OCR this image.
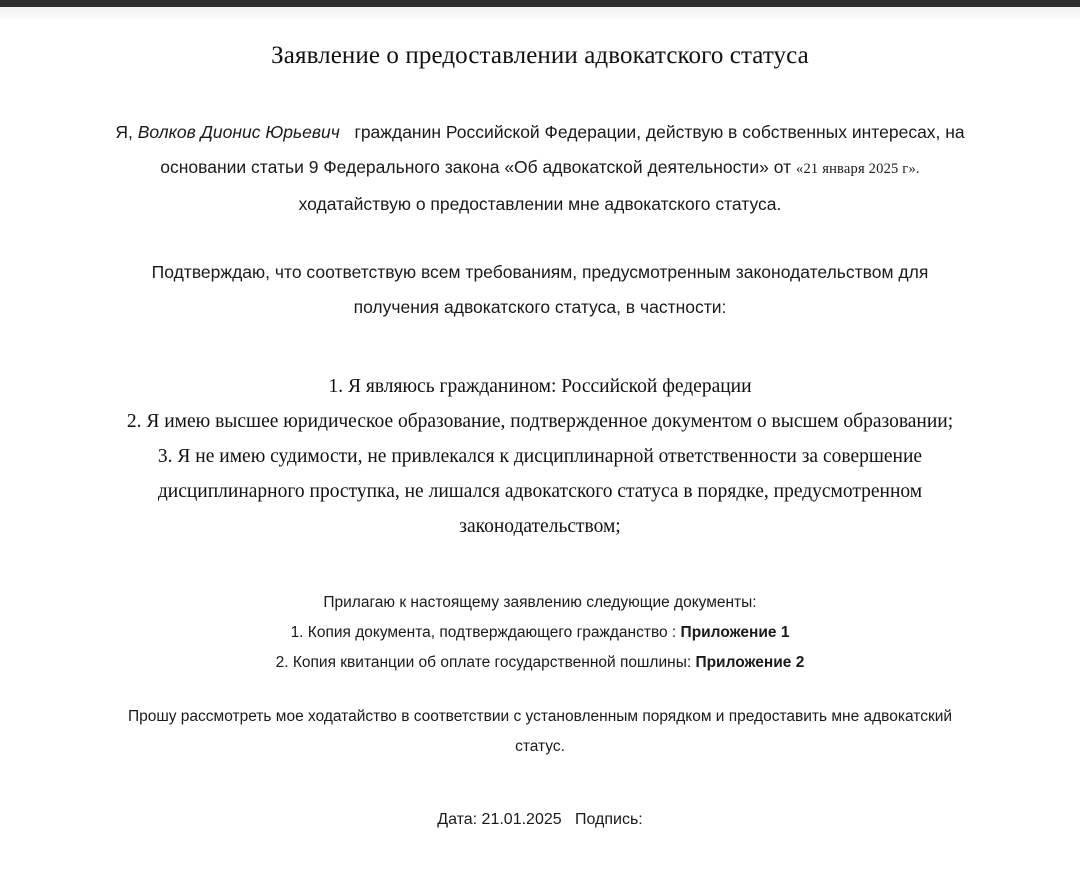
Заявление о предоставлении адвокатского статуса
Я, Волков Дионис Юрьевич гражданин Российской Федерации, действую в собственных интересах, на основании статьи 9 Федерального закона «Об адвокатской деятельности» от «21 января 2025 г». ходатайствую о предоставлении мне адвокатского статуса.
Подтверждаю, что соответствую всем требованиям, предусмотренным законодательством для получения адвокатского статуса, в частности:

1. Я являюсь гражданином: Российской федерации

2. Я имею высшее юридическое образование, подтвержденное документом о высшем образовании;

3. Я не имею судимости, не привлекался к дисциплинарной ответственности за совершение дисциплинарного проступка, не лишался адвокатского статуса в порядке, предусмотренном законодательством;

Прилагаю к настоящему заявлению следующие документы:

1. Копия документа, подтверждающего гражданство : Приложение 1

2. Копия квитанции об оплате государственной пошлины: Приложение 2

Прошу рассмотреть мое ходатайство в соответствии с установленным порядком и предоставить мне адвокатский статус.
Дата: 21.01.2025 Подпись:
